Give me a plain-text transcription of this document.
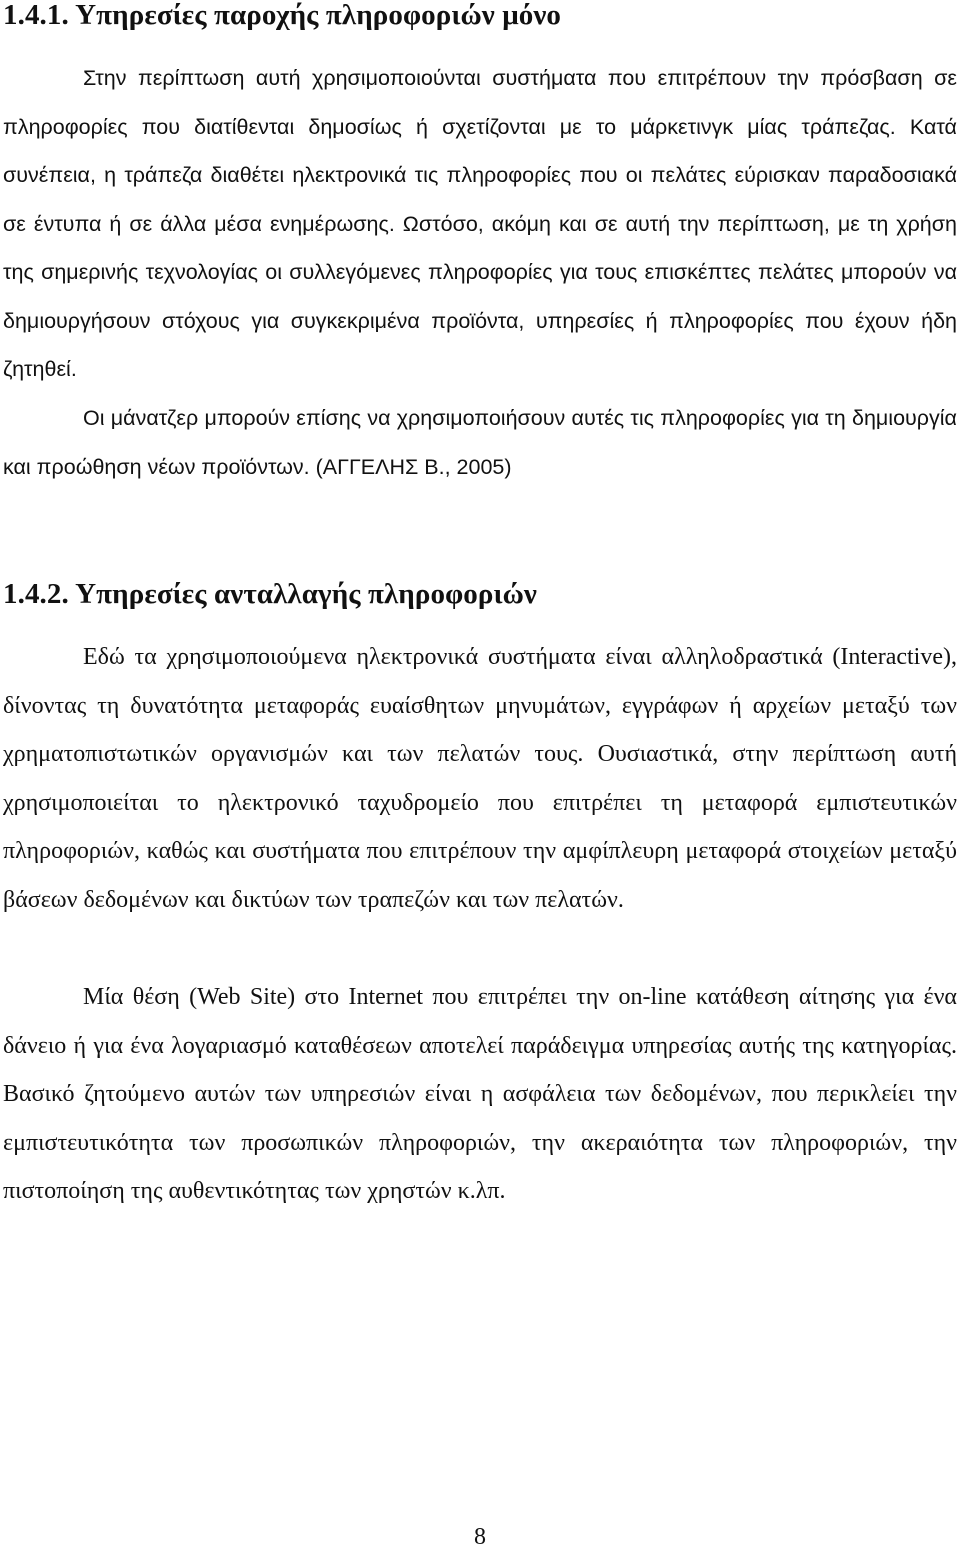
1.4.1. Υπηρεσίες παροχής πληροφοριών μόνο

Στην περίπτωση αυτή χρησιμοποιούνται συστήματα που επιτρέπουν την πρόσβαση σε πληροφορίες που διατίθενται δημοσίως ή σχετίζονται με το μάρκετινγκ μίας τράπεζας. Κατά συνέπεια, η τράπεζα διαθέτει ηλεκτρονικά τις πληροφορίες που οι πελάτες εύρισκαν παραδοσιακά σε έντυπα ή σε άλλα μέσα ενημέρωσης. Ωστόσο, ακόμη και σε αυτή την περίπτωση, με τη χρήση της σημερινής τεχνολογίας οι συλλεγόμενες πληροφορίες για τους επισκέπτες πελάτες μπορούν να δημιουργήσουν στόχους για συγκεκριμένα προϊόντα, υπηρεσίες ή πληροφορίες που έχουν ήδη ζητηθεί.

Οι μάνατζερ μπορούν επίσης να χρησιμοποιήσουν αυτές τις πληροφορίες για τη δημιουργία και προώθηση νέων προϊόντων. (ΑΓΓΕΛΗΣ Β., 2005)

1.4.2. Υπηρεσίες ανταλλαγής πληροφοριών

Εδώ τα χρησιμοποιούμενα ηλεκτρονικά συστήματα είναι αλληλοδραστικά (Interactive), δίνοντας τη δυνατότητα μεταφοράς ευαίσθητων μηνυμάτων, εγγράφων ή αρχείων μεταξύ των χρηματοπιστωτικών οργανισμών και των πελατών τους. Ουσιαστικά, στην περίπτωση αυτή χρησιμοποιείται το ηλεκτρονικό ταχυδρομείο που επιτρέπει τη μεταφορά εμπιστευτικών πληροφοριών, καθώς και συστήματα που επιτρέπουν την αμφίπλευρη μεταφορά στοιχείων μεταξύ βάσεων δεδομένων και δικτύων των τραπεζών και των πελατών.

Μία θέση (Web Site) στο Internet που επιτρέπει την on-line κατάθεση αίτησης για ένα δάνειο ή για ένα λογαριασμό καταθέσεων αποτελεί παράδειγμα υπηρεσίας αυτής της κατηγορίας. Βασικό ζητούμενο αυτών των υπηρεσιών είναι η ασφάλεια των δεδομένων, που περικλείει την εμπιστευτικότητα των προσωπικών πληροφοριών, την ακεραιότητα των πληροφοριών, την πιστοποίηση της αυθεντικότητας των χρηστών κ.λπ.

8
